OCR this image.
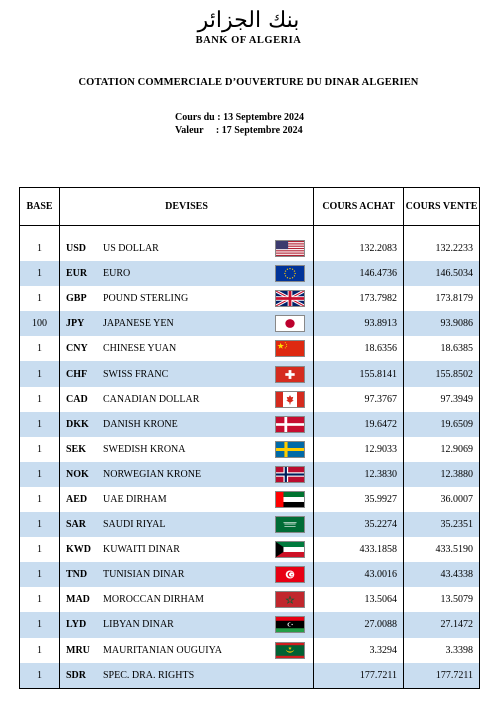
بنك الجزائر
BANK OF ALGERIA
COTATION COMMERCIALE D’OUVERTURE DU DINAR ALGERIEN
Cours du : 13 Septembre 2024
Valeur     : 17 Septembre 2024
BASE	DEVISES	COURS ACHAT	COURS VENTE

1	USD US DOLLAR	132.2083	132.2233
1	EUR EURO	146.4736	146.5034
1	GBP POUND STERLING	173.7982	173.8179
100	JPY JAPANESE YEN	93.8913	93.9086
1	CNY CHINESE YUAN	18.6356	18.6385
1	CHF SWISS FRANC	155.8141	155.8502
1	CAD CANADIAN DOLLAR	97.3767	97.3949
1	DKK DANISH KRONE	19.6472	19.6509
1	SEK SWEDISH KRONA	12.9033	12.9069
1	NOK NORWEGIAN KRONE	12.3830	12.3880
1	AED UAE DIRHAM	35.9927	36.0007
1	SAR SAUDI RIYAL	35.2274	35.2351
1	KWD KUWAITI DINAR	433.1858	433.5190
1	TND TUNISIAN DINAR	43.0016	43.4338
1	MAD MOROCCAN DIRHAM	13.5064	13.5079
1	LYD LIBYAN DINAR	27.0088	27.1472
1	MRU MAURITANIAN OUGUIYA	3.3294	3.3398
1	SDR SPEC. DRA. RIGHTS	177.7211	177.7211
